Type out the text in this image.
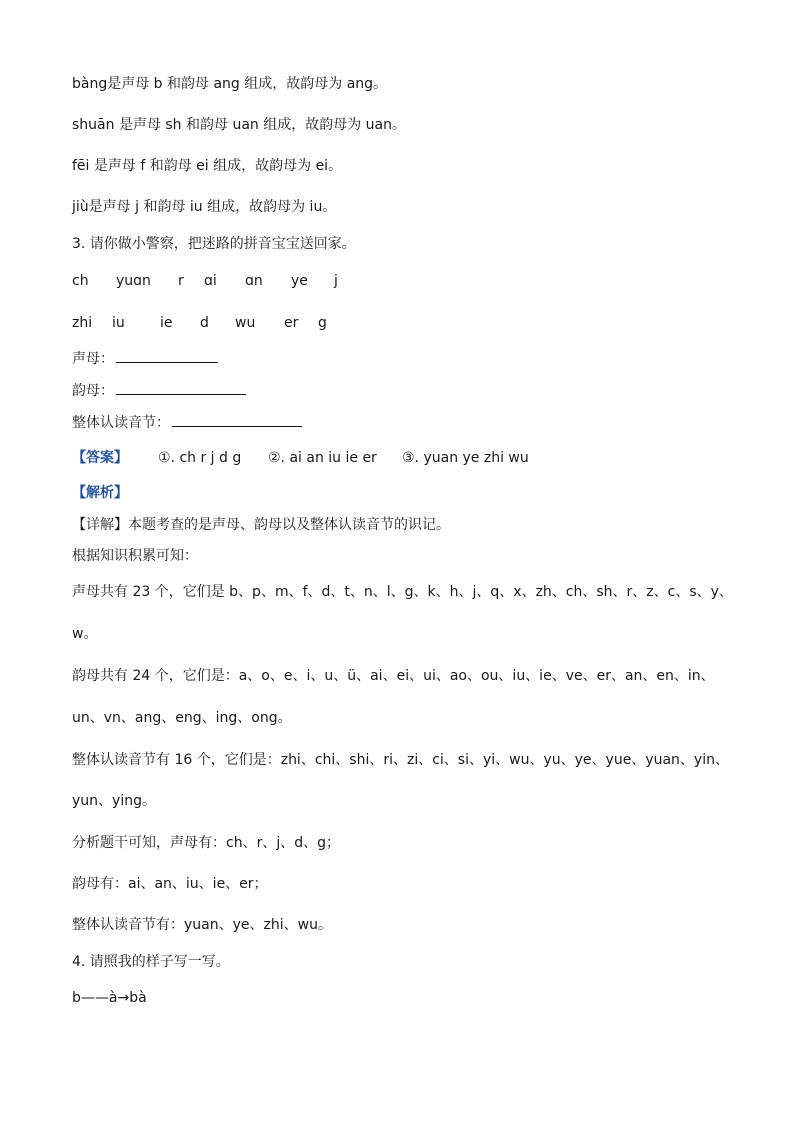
bàng是声母 b 和韵母 ang 组成，故韵母为 ang。
shuān 是声母 sh 和韵母 uan 组成，故韵母为 uan。
fēi 是声母 f 和韵母 ei 组成，故韵母为 ei。
jiù是声母 j 和韵母 iu 组成，故韵母为 iu。
3. 请你做小警察，把迷路的拼音宝宝送回家。
ch yuɑn r ɑi ɑn ye j
zhi iu	ie d wu er g
声母：
韵母：
整体认读音节：
【答案】 ①. ch r j d g ②. ai an iu ie er ③. yuan ye zhi wu
【解析】
【详解】本题考查的是声母、韵母以及整体认读音节的识记。
根据知识积累可知：
声母共有 23 个，它们是 b、p、m、f、d、t、n、l、g、k、h、j、q、x、zh、ch、sh、r、z、c、s、y、
w。
韵母共有 24 个，它们是：a、o、e、i、u、ü、ai、ei、ui、ao、ou、iu、ie、ve、er、an、en、in、
un、vn、ang、eng、ing、ong。
整体认读音节有 16 个，它们是：zhi、chi、shi、ri、zi、ci、si、yi、wu、yu、ye、yue、yuan、yin、
yun、ying。
分析题干可知，声母有：ch、r、j、d、g；
韵母有：ai、an、iu、ie、er；
整体认读音节有：yuan、ye、zhi、wu。
4. 请照我的样子写一写。
b——à→bà
